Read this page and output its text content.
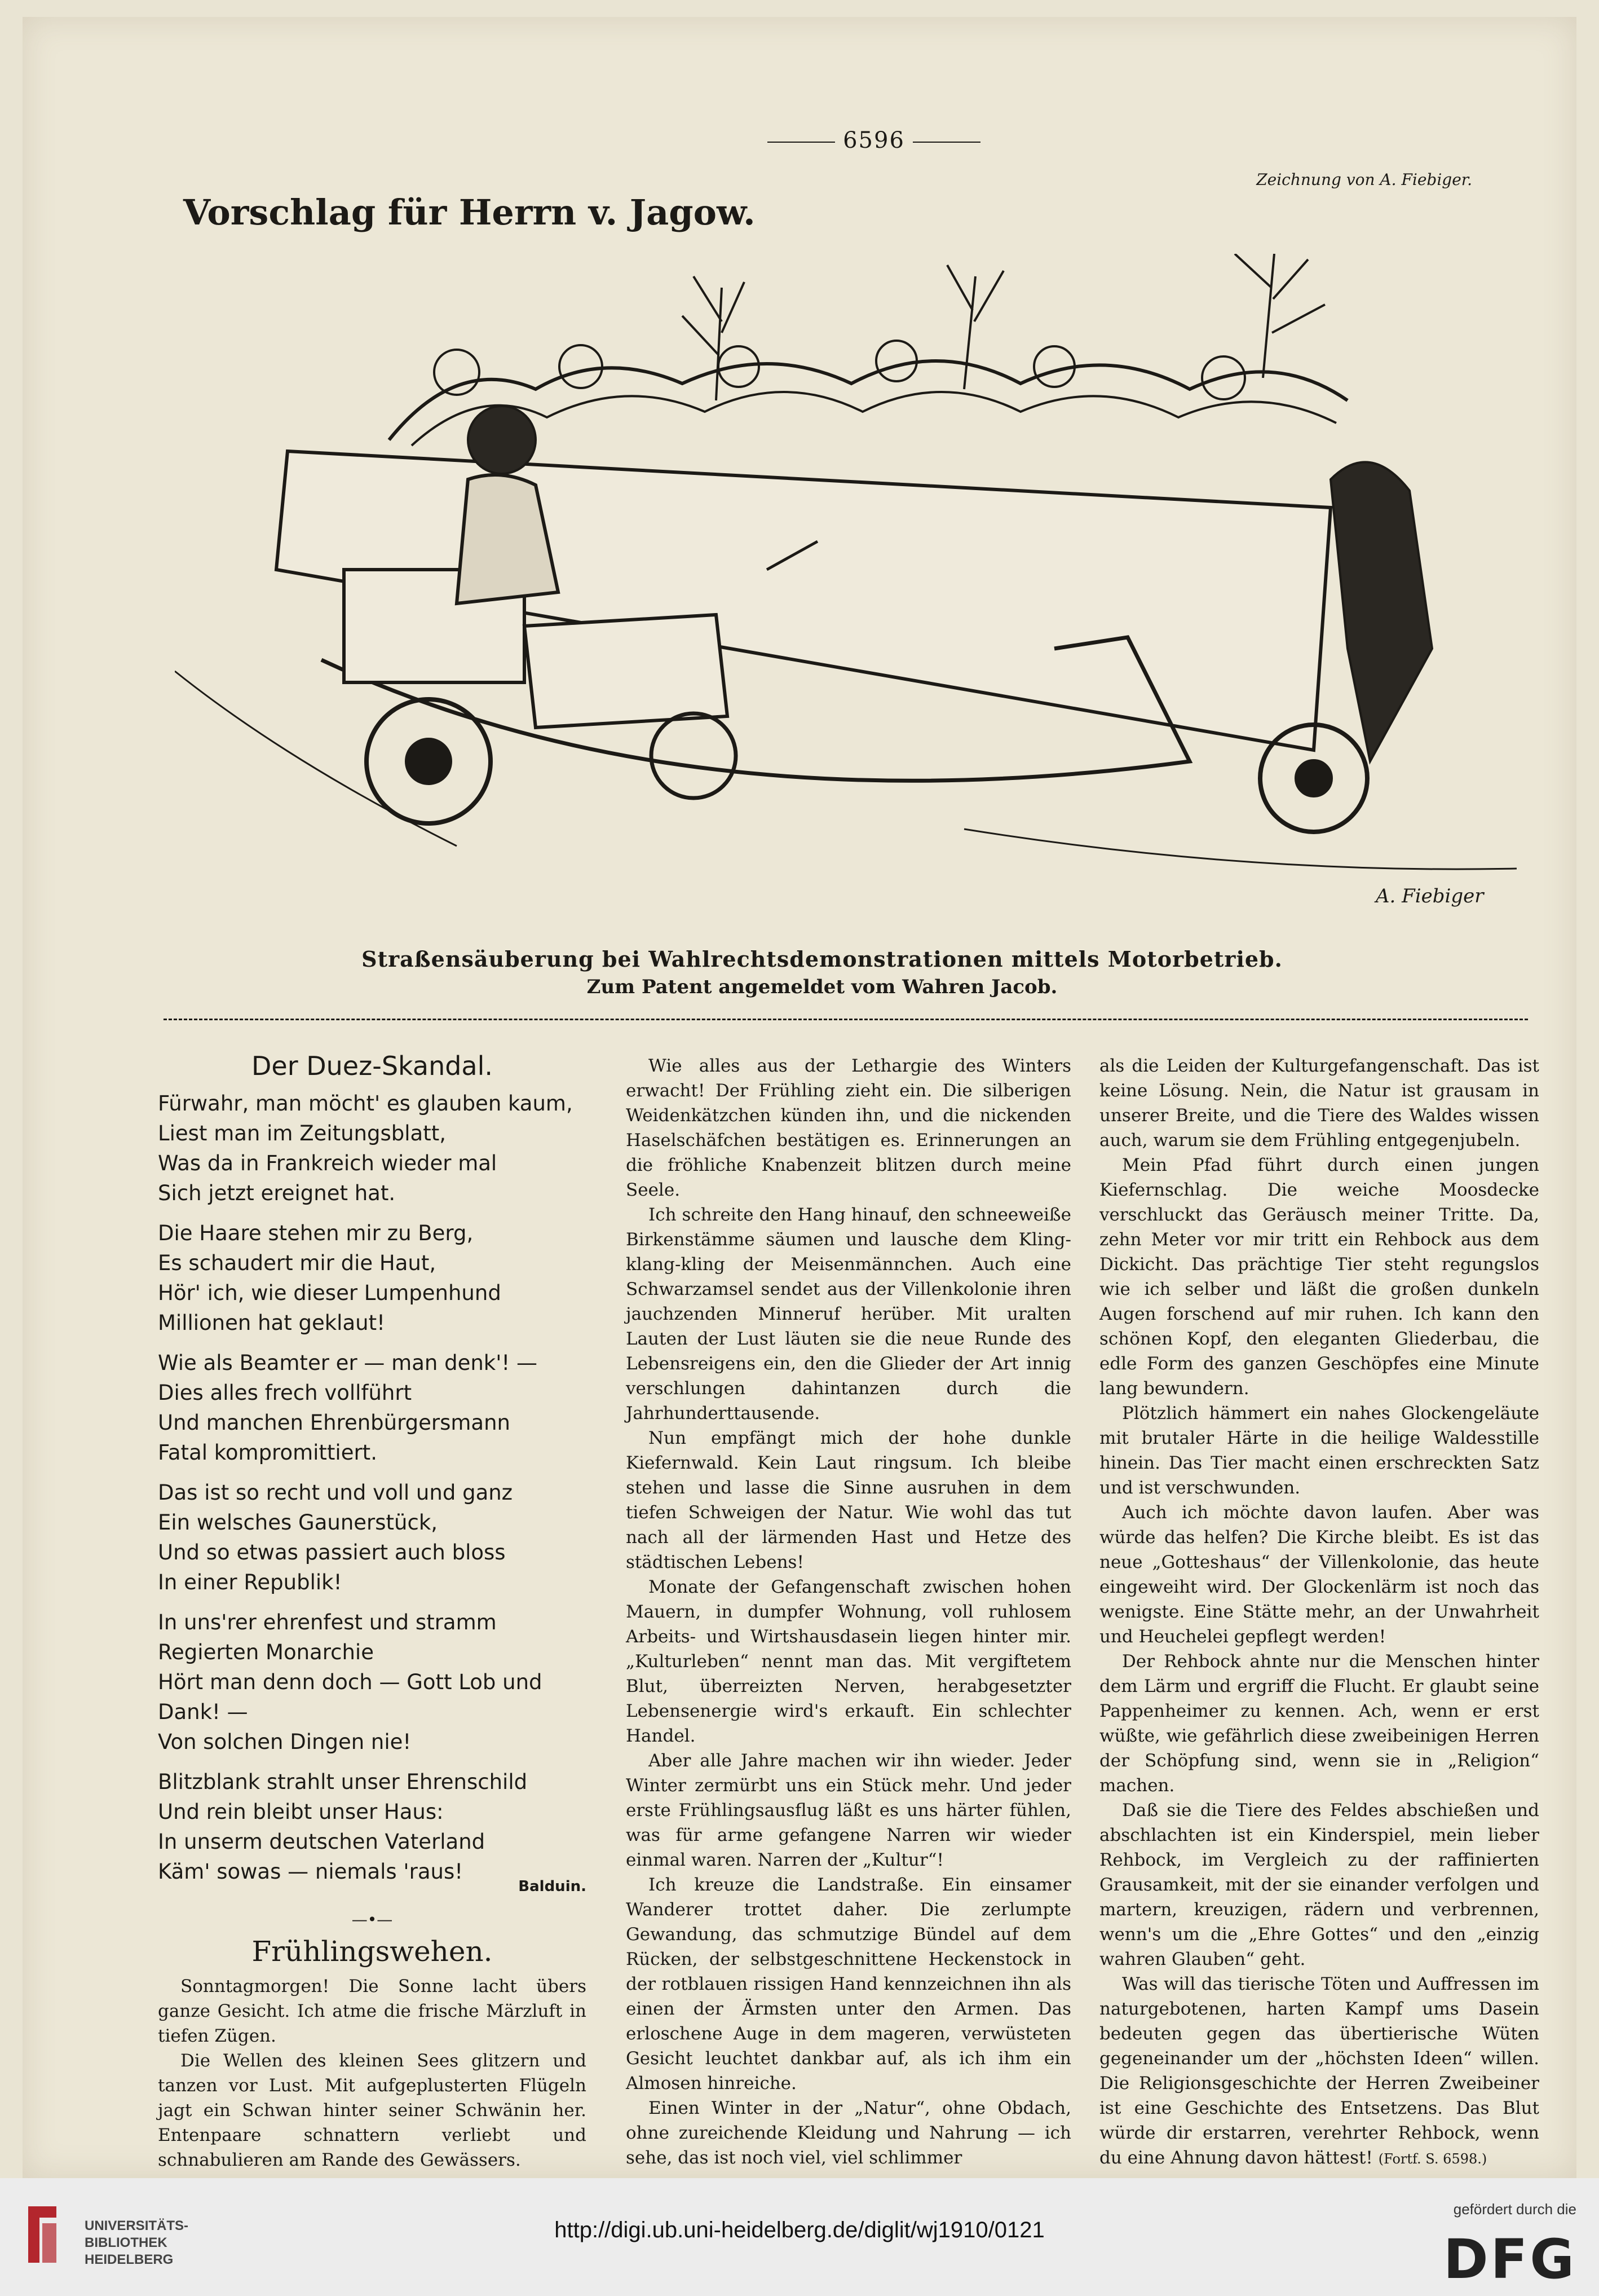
6596
Zeichnung von A. Fiebiger.
Vorschlag für Herrn v. Jagow.
A. Fiebiger
Straßensäuberung bei Wahlrechtsdemonstrationen mittels Motorbetrieb.
Zum Patent angemeldet vom Wahren Jacob.
Der Duez-Skandal.
Fürwahr, man möcht' es glauben kaum,
Liest man im Zeitungsblatt,
Was da in Frankreich wieder mal
Sich jetzt ereignet hat.
Die Haare stehen mir zu Berg,
Es schaudert mir die Haut,
Hör' ich, wie dieser Lumpenhund
Millionen hat geklaut!
Wie als Beamter er — man denk'! —
Dies alles frech vollführt
Und manchen Ehrenbürgersmann
Fatal kompromittiert.
Das ist so recht und voll und ganz
Ein welsches Gaunerstück,
Und so etwas passiert auch bloss
In einer Republik!
In uns'rer ehrenfest und stramm
Regierten Monarchie
Hört man denn doch — Gott Lob und Dank! —
Von solchen Dingen nie!
Blitzblank strahlt unser Ehrenschild
Und rein bleibt unser Haus:
In unserm deutschen Vaterland
Käm' sowas — niemals 'raus!
Balduin.
—•—
Frühlingswehen.

Sonntagmorgen! Die Sonne lacht übers ganze Gesicht. Ich atme die frische Märzluft in tiefen Zügen.

Die Wellen des kleinen Sees glitzern und tanzen vor Lust. Mit aufgeplusterten Flügeln jagt ein Schwan hinter seiner Schwänin her. Entenpaare schnattern verliebt und schnabulieren am Rande des Gewässers.

Wie alles aus der Lethargie des Winters erwacht! Der Frühling zieht ein. Die silberigen Weidenkätzchen künden ihn, und die nickenden Haselschäfchen bestätigen es. Erinnerungen an die fröhliche Knabenzeit blitzen durch meine Seele.

Ich schreite den Hang hinauf, den schneeweiße Birkenstämme säumen und lausche dem Kling-klang-kling der Meisenmännchen. Auch eine Schwarzamsel sendet aus der Villenkolonie ihren jauchzenden Minneruf herüber. Mit uralten Lauten der Lust läuten sie die neue Runde des Lebensreigens ein, den die Glieder der Art innig verschlungen dahintanzen durch die Jahrhunderttausende.

Nun empfängt mich der hohe dunkle Kiefernwald. Kein Laut ringsum. Ich bleibe stehen und lasse die Sinne ausruhen in dem tiefen Schweigen der Natur. Wie wohl das tut nach all der lärmenden Hast und Hetze des städtischen Lebens!

Monate der Gefangenschaft zwischen hohen Mauern, in dumpfer Wohnung, voll ruhlosem Arbeits- und Wirtshausdasein liegen hinter mir. „Kulturleben“ nennt man das. Mit vergiftetem Blut, überreizten Nerven, herabgesetzter Lebensenergie wird's erkauft. Ein schlechter Handel.

Aber alle Jahre machen wir ihn wieder. Jeder Winter zermürbt uns ein Stück mehr. Und jeder erste Frühlingsausflug läßt es uns härter fühlen, was für arme gefangene Narren wir wieder einmal waren. Narren der „Kultur“!

Ich kreuze die Landstraße. Ein einsamer Wanderer trottet daher. Die zerlumpte Gewandung, das schmutzige Bündel auf dem Rücken, der selbstgeschnittene Heckenstock in der rotblauen rissigen Hand kennzeichnen ihn als einen der Ärmsten unter den Armen. Das erloschene Auge in dem mageren, verwüsteten Gesicht leuchtet dankbar auf, als ich ihm ein Almosen hinreiche.

Einen Winter in der „Natur“, ohne Obdach, ohne zureichende Kleidung und Nahrung — ich sehe, das ist noch viel, viel schlimmer

als die Leiden der Kulturgefangenschaft. Das ist keine Lösung. Nein, die Natur ist grausam in unserer Breite, und die Tiere des Waldes wissen auch, warum sie dem Frühling entgegenjubeln.

Mein Pfad führt durch einen jungen Kiefernschlag. Die weiche Moosdecke verschluckt das Geräusch meiner Tritte. Da, zehn Meter vor mir tritt ein Rehbock aus dem Dickicht. Das prächtige Tier steht regungslos wie ich selber und läßt die großen dunkeln Augen forschend auf mir ruhen. Ich kann den schönen Kopf, den eleganten Gliederbau, die edle Form des ganzen Geschöpfes eine Minute lang bewundern.

Plötzlich hämmert ein nahes Glockengeläute mit brutaler Härte in die heilige Waldesstille hinein. Das Tier macht einen erschreckten Satz und ist verschwunden.

Auch ich möchte davon laufen. Aber was würde das helfen? Die Kirche bleibt. Es ist das neue „Gotteshaus“ der Villenkolonie, das heute eingeweiht wird. Der Glockenlärm ist noch das wenigste. Eine Stätte mehr, an der Unwahrheit und Heuchelei gepflegt werden!

Der Rehbock ahnte nur die Menschen hinter dem Lärm und ergriff die Flucht. Er glaubt seine Pappenheimer zu kennen. Ach, wenn er erst wüßte, wie gefährlich diese zweibeinigen Herren der Schöpfung sind, wenn sie in „Religion“ machen.

Daß sie die Tiere des Feldes abschießen und abschlachten ist ein Kinderspiel, mein lieber Rehbock, im Vergleich zu der raffinierten Grausamkeit, mit der sie einander verfolgen und martern, kreuzigen, rädern und verbrennen, wenn's um die „Ehre Gottes“ und den „einzig wahren Glauben“ geht.

Was will das tierische Töten und Auffressen im naturgebotenen, harten Kampf ums Dasein bedeuten gegen das übertierische Wüten gegeneinander um der „höchsten Ideen“ willen. Die Religionsgeschichte der Herren Zweibeiner ist eine Geschichte des Entsetzens. Das Blut würde dir erstarren, verehrter Rehbock, wenn du eine Ahnung davon hättest! (Fortf. S. 6598.)

UNIVERSITÄTS-
BIBLIOTHEK
HEIDELBERG
http://digi.ub.uni-heidelberg.de/diglit/wj1910/0121
gefördert durch die
DFG
